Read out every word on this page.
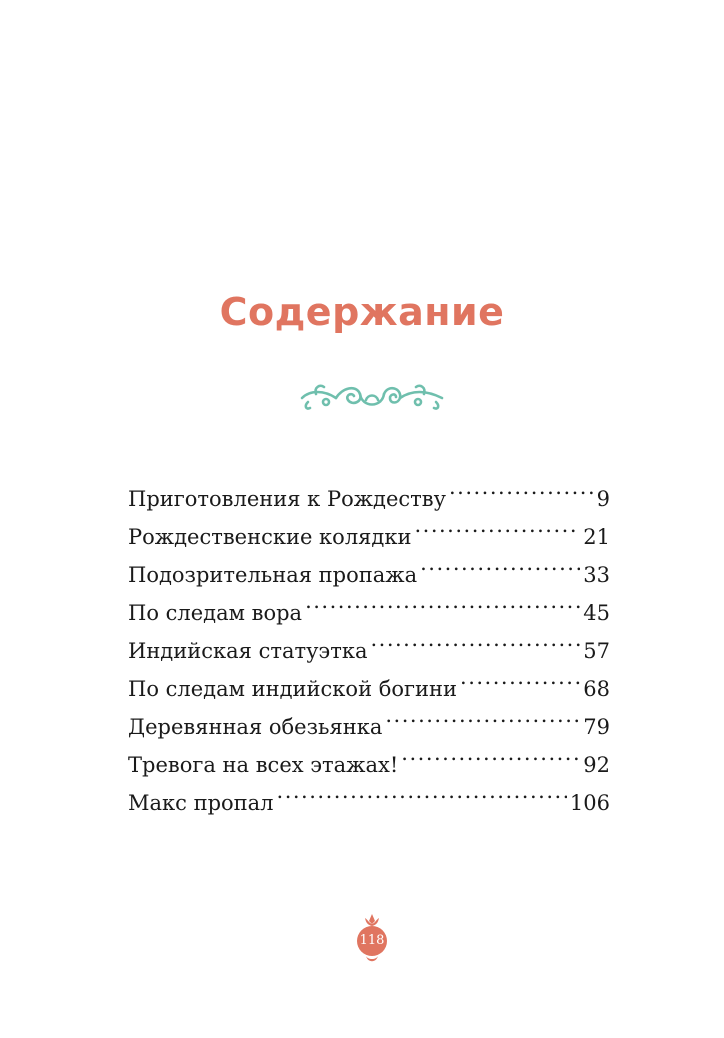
Содержание
Приготовления к Рождеству .....	9
Рождественские колядки .....	21
Подозрительная пропажа .....	33
По следам вора .....	45
Индийская статуэтка .....	57
По следам индийской богини .....	68
Деревянная обезьянка .....	79
Тревога на всех этажах! .....	92
Макс пропал .....	106
118
